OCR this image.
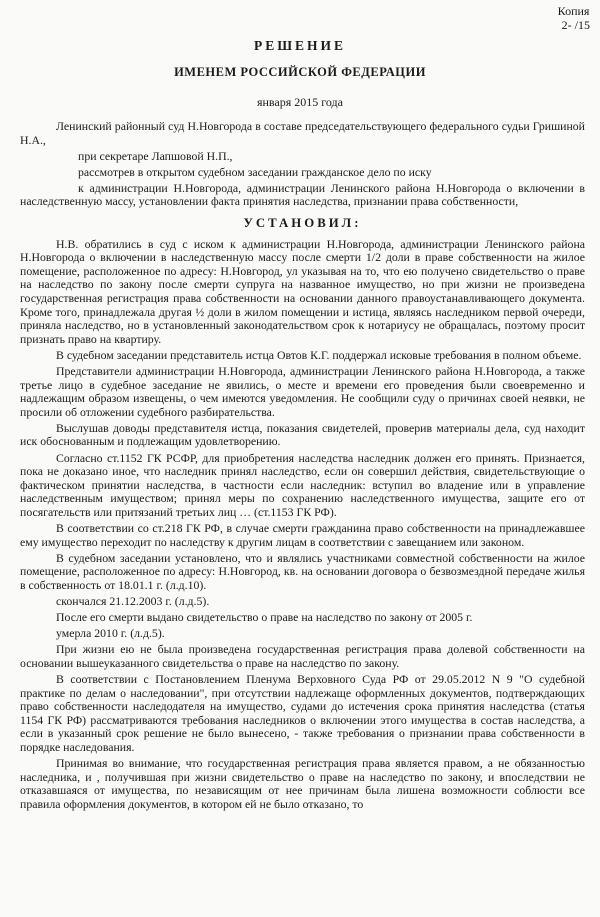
Копия
2- /15
РЕШЕНИЕ
ИМЕНЕМ РОССИЙСКОЙ ФЕДЕРАЦИИ
января 2015 года

Ленинский районный суд Н.Новгорода в составе председательствующего федерального судьи Гришиной Н.А.,

при секретаре Лапшовой Н.П.,

рассмотрев в открытом судебном заседании гражданское дело по иску

к администрации Н.Новгорода, администрации Ленинского района Н.Новгорода о включении в наследственную массу, установлении факта принятия наследства, признании права собственности,

УСТАНОВИЛ:

Н.В. обратились в суд с иском к администрации Н.Новгорода, администрации Ленинского района Н.Новгорода о включении в наследственную массу после смерти 1/2 доли в праве собственности на жилое помещение, расположенное по адресу: Н.Новгород, ул указывая на то, что ею получено свидетельство о праве на наследство по закону после смерти супруга на названное имущество, но при жизни не произведена государственная регистрация права собственности на основании данного правоустанавливающего документа. Кроме того, принадлежала другая ½ доли в жилом помещении и истица, являясь наследником первой очереди, приняла наследство, но в установленный законодательством срок к нотариусу не обращалась, поэтому просит признать право на квартиру.

В судебном заседании представитель истца Овтов К.Г. поддержал исковые требования в полном объеме.

Представители администрации Н.Новгорода, администрации Ленинского района Н.Новгорода, а также третье лицо в судебное заседание не явились, о месте и времени его проведения были своевременно и надлежащим образом извещены, о чем имеются уведомления. Не сообщили суду о причинах своей неявки, не просили об отложении судебного разбирательства.

Выслушав доводы представителя истца, показания свидетелей, проверив материалы дела, суд находит иск обоснованным и подлежащим удовлетворению.

Согласно ст.1152 ГК РСФР, для приобретения наследства наследник должен его принять. Признается, пока не доказано иное, что наследник принял наследство, если он совершил действия, свидетельствующие о фактическом принятии наследства, в частности если наследник: вступил во владение или в управление наследственным имуществом; принял меры по сохранению наследственного имущества, защите его от посягательств или притязаний третьих лиц … (ст.1153 ГК РФ).

В соответствии со ст.218 ГК РФ, в случае смерти гражданина право собственности на принадлежавшее ему имущество переходит по наследству к другим лицам в соответствии с завещанием или законом.

В судебном заседании установлено, что и являлись участниками совместной собственности на жилое помещение, расположенное по адресу: Н.Новгород, кв. на основании договора о безвозмездной передаче жилья в собственность от 18.01.1 г. (л.д.10).

скончался 21.12.2003 г. (л.д.5).

После его смерти выдано свидетельство о праве на наследство по закону от 2005 г.

умерла 2010 г. (л.д.5).

При жизни ею не была произведена государственная регистрация права долевой собственности на основании вышеуказанного свидетельства о праве на наследство по закону.

В соответствии с Постановлением Пленума Верховного Суда РФ от 29.05.2012 N 9 "О судебной практике по делам о наследовании", при отсутствии надлежаще оформленных документов, подтверждающих право собственности наследодателя на имущество, судами до истечения срока принятия наследства (статья 1154 ГК РФ) рассматриваются требования наследников о включении этого имущества в состав наследства, а если в указанный срок решение не было вынесено, - также требования о признании права собственности в порядке наследования.

Принимая во внимание, что государственная регистрация права является правом, а не обязанностью наследника, и , получившая при жизни свидетельство о праве на наследство по закону, и впоследствии не отказавшаяся от имущества, по независящим от нее причинам была лишена возможности соблюсти все правила оформления документов, в котором ей не было отказано, то
